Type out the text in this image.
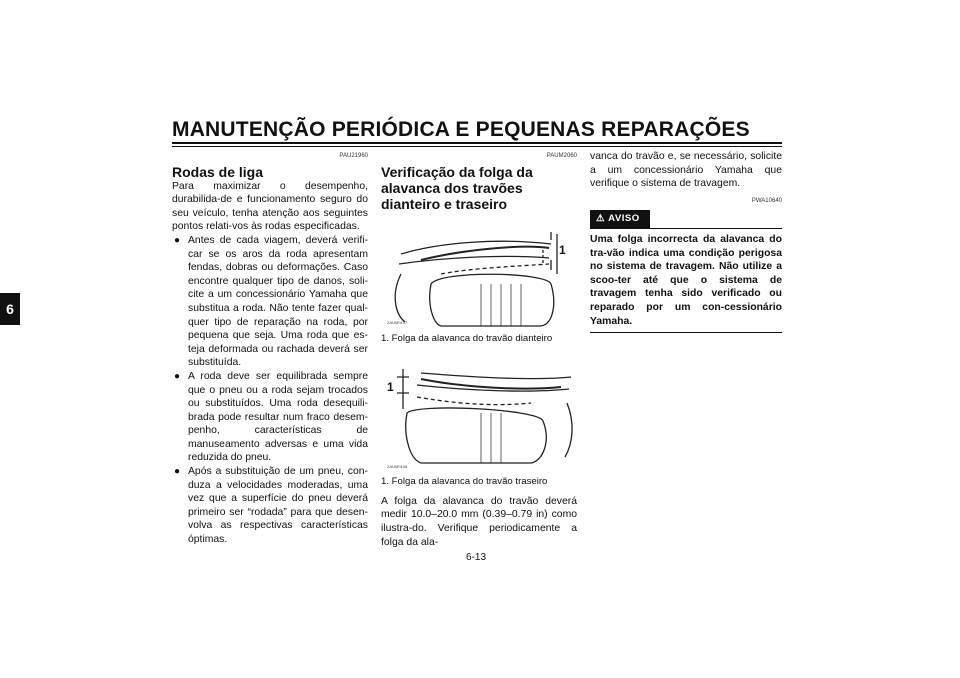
MANUTENÇÃO PERIÓDICA E PEQUENAS REPARAÇÕES
6
PAU21960
Rodas de liga

Para maximizar o desempenho, durabilida-de e funcionamento seguro do seu veículo, tenha atenção aos seguintes pontos relati-vos às rodas especificadas.

● Antes de cada viagem, deverá verifi-car se os aros da roda apresentam fendas, dobras ou deformações. Caso encontre qualquer tipo de danos, soli-cite a um concessionário Yamaha que substitua a roda. Não tente fazer qual-quer tipo de reparação na roda, por pequena que seja. Uma roda que es-teja deformada ou rachada deverá ser substituída.
● A roda deve ser equilibrada sempre que o pneu ou a roda sejam trocados ou substituídos. Uma roda desequili-brada pode resultar num fraco desem-penho, características de manuseamento adversas e uma vida reduzida do pneu.
● Após a substituição de um pneu, con-duza a velocidades moderadas, uma vez que a superfície do pneu deverá primeiro ser “rodada” para que desen-volva as respectivas características óptimas.
PAUM2060
Verificação da folga da alavanca dos travões dianteiro e traseiro
1
ZAUM0107
1. Folga da alavanca do travão dianteiro
1
ZAUM0108
1. Folga da alavanca do travão traseiro

A folga da alavanca do travão deverá medir 10.0–20.0 mm (0.39–0.79 in) como ilustra-do. Verifique periodicamente a folga da ala-

vanca do travão e, se necessário, solicite a um concessionário Yamaha que verifique o sistema de travagem.

PWA10640
⚠ AVISO

Uma folga incorrecta da alavanca do tra-vão indica uma condição perigosa no sistema de travagem. Não utilize a scoo-ter até que o sistema de travagem tenha sido verificado ou reparado por um con-cessionário Yamaha.

6-13
